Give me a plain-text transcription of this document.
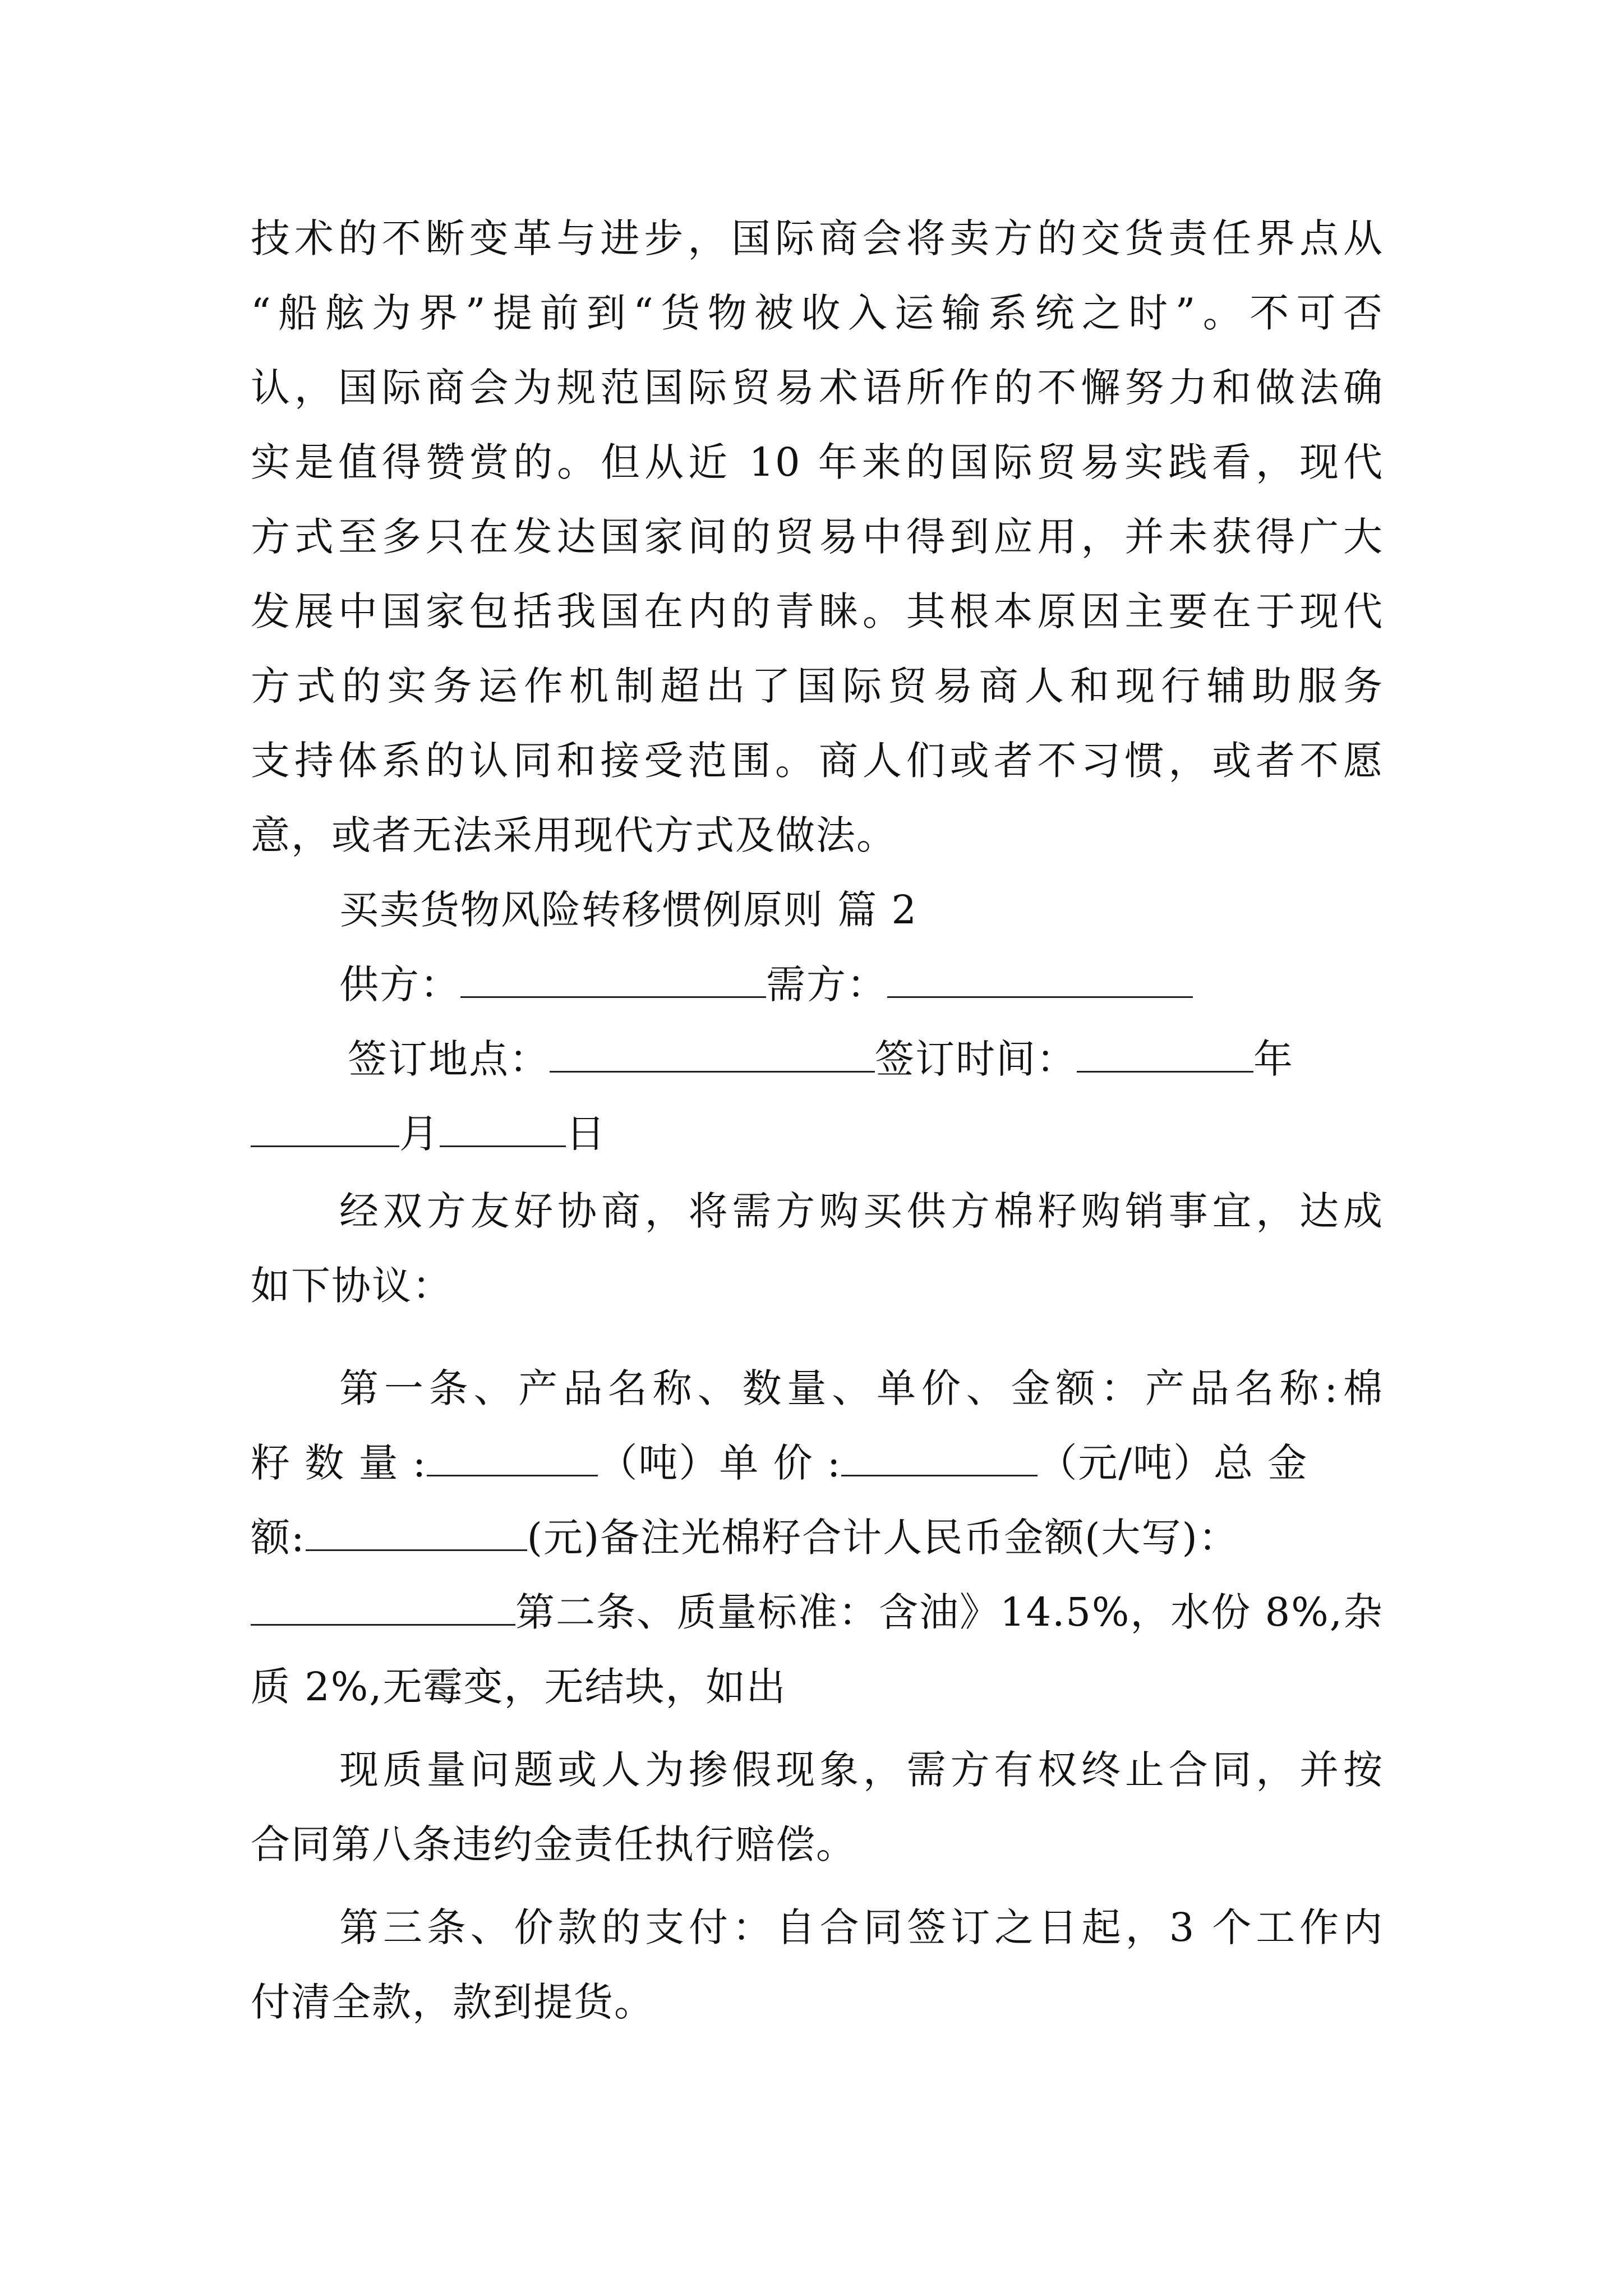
技术的不断变革与进步，国际商会将卖方的交货责任界点从
“船舷为界”提前到“货物被收入运输系统之时”。不可否
认，国际商会为规范国际贸易术语所作的不懈努力和做法确
实是值得赞赏的。但从近 10 年来的国际贸易实践看，现代
方式至多只在发达国家间的贸易中得到应用，并未获得广大
发展中国家包括我国在内的青睐。其根本原因主要在于现代
方式的实务运作机制超出了国际贸易商人和现行辅助服务
支持体系的认同和接受范围。商人们或者不习惯，或者不愿
意，或者无法采用现代方式及做法。
买卖货物风险转移惯例原则 篇 2
供方：	需方：
签订地点：	签订时间：	年
月	日
经双方友好协商，将需方购买供方棉籽购销事宜，达成
如下协议：
第一条、产品名称、数量、单价、金额：产品名称:棉
籽 数 量 :	（吨）单 价 :	（元/吨）总 金
额:	(元)备注光棉籽合计人民币金额(大写)：
第二条、质量标准：含油》14.5%，水份 8%,杂
质 2%,无霉变，无结块，如出
现质量问题或人为掺假现象，需方有权终止合同，并按
合同第八条违约金责任执行赔偿。
第三条、价款的支付：自合同签订之日起，3 个工作内
付清全款，款到提货。
